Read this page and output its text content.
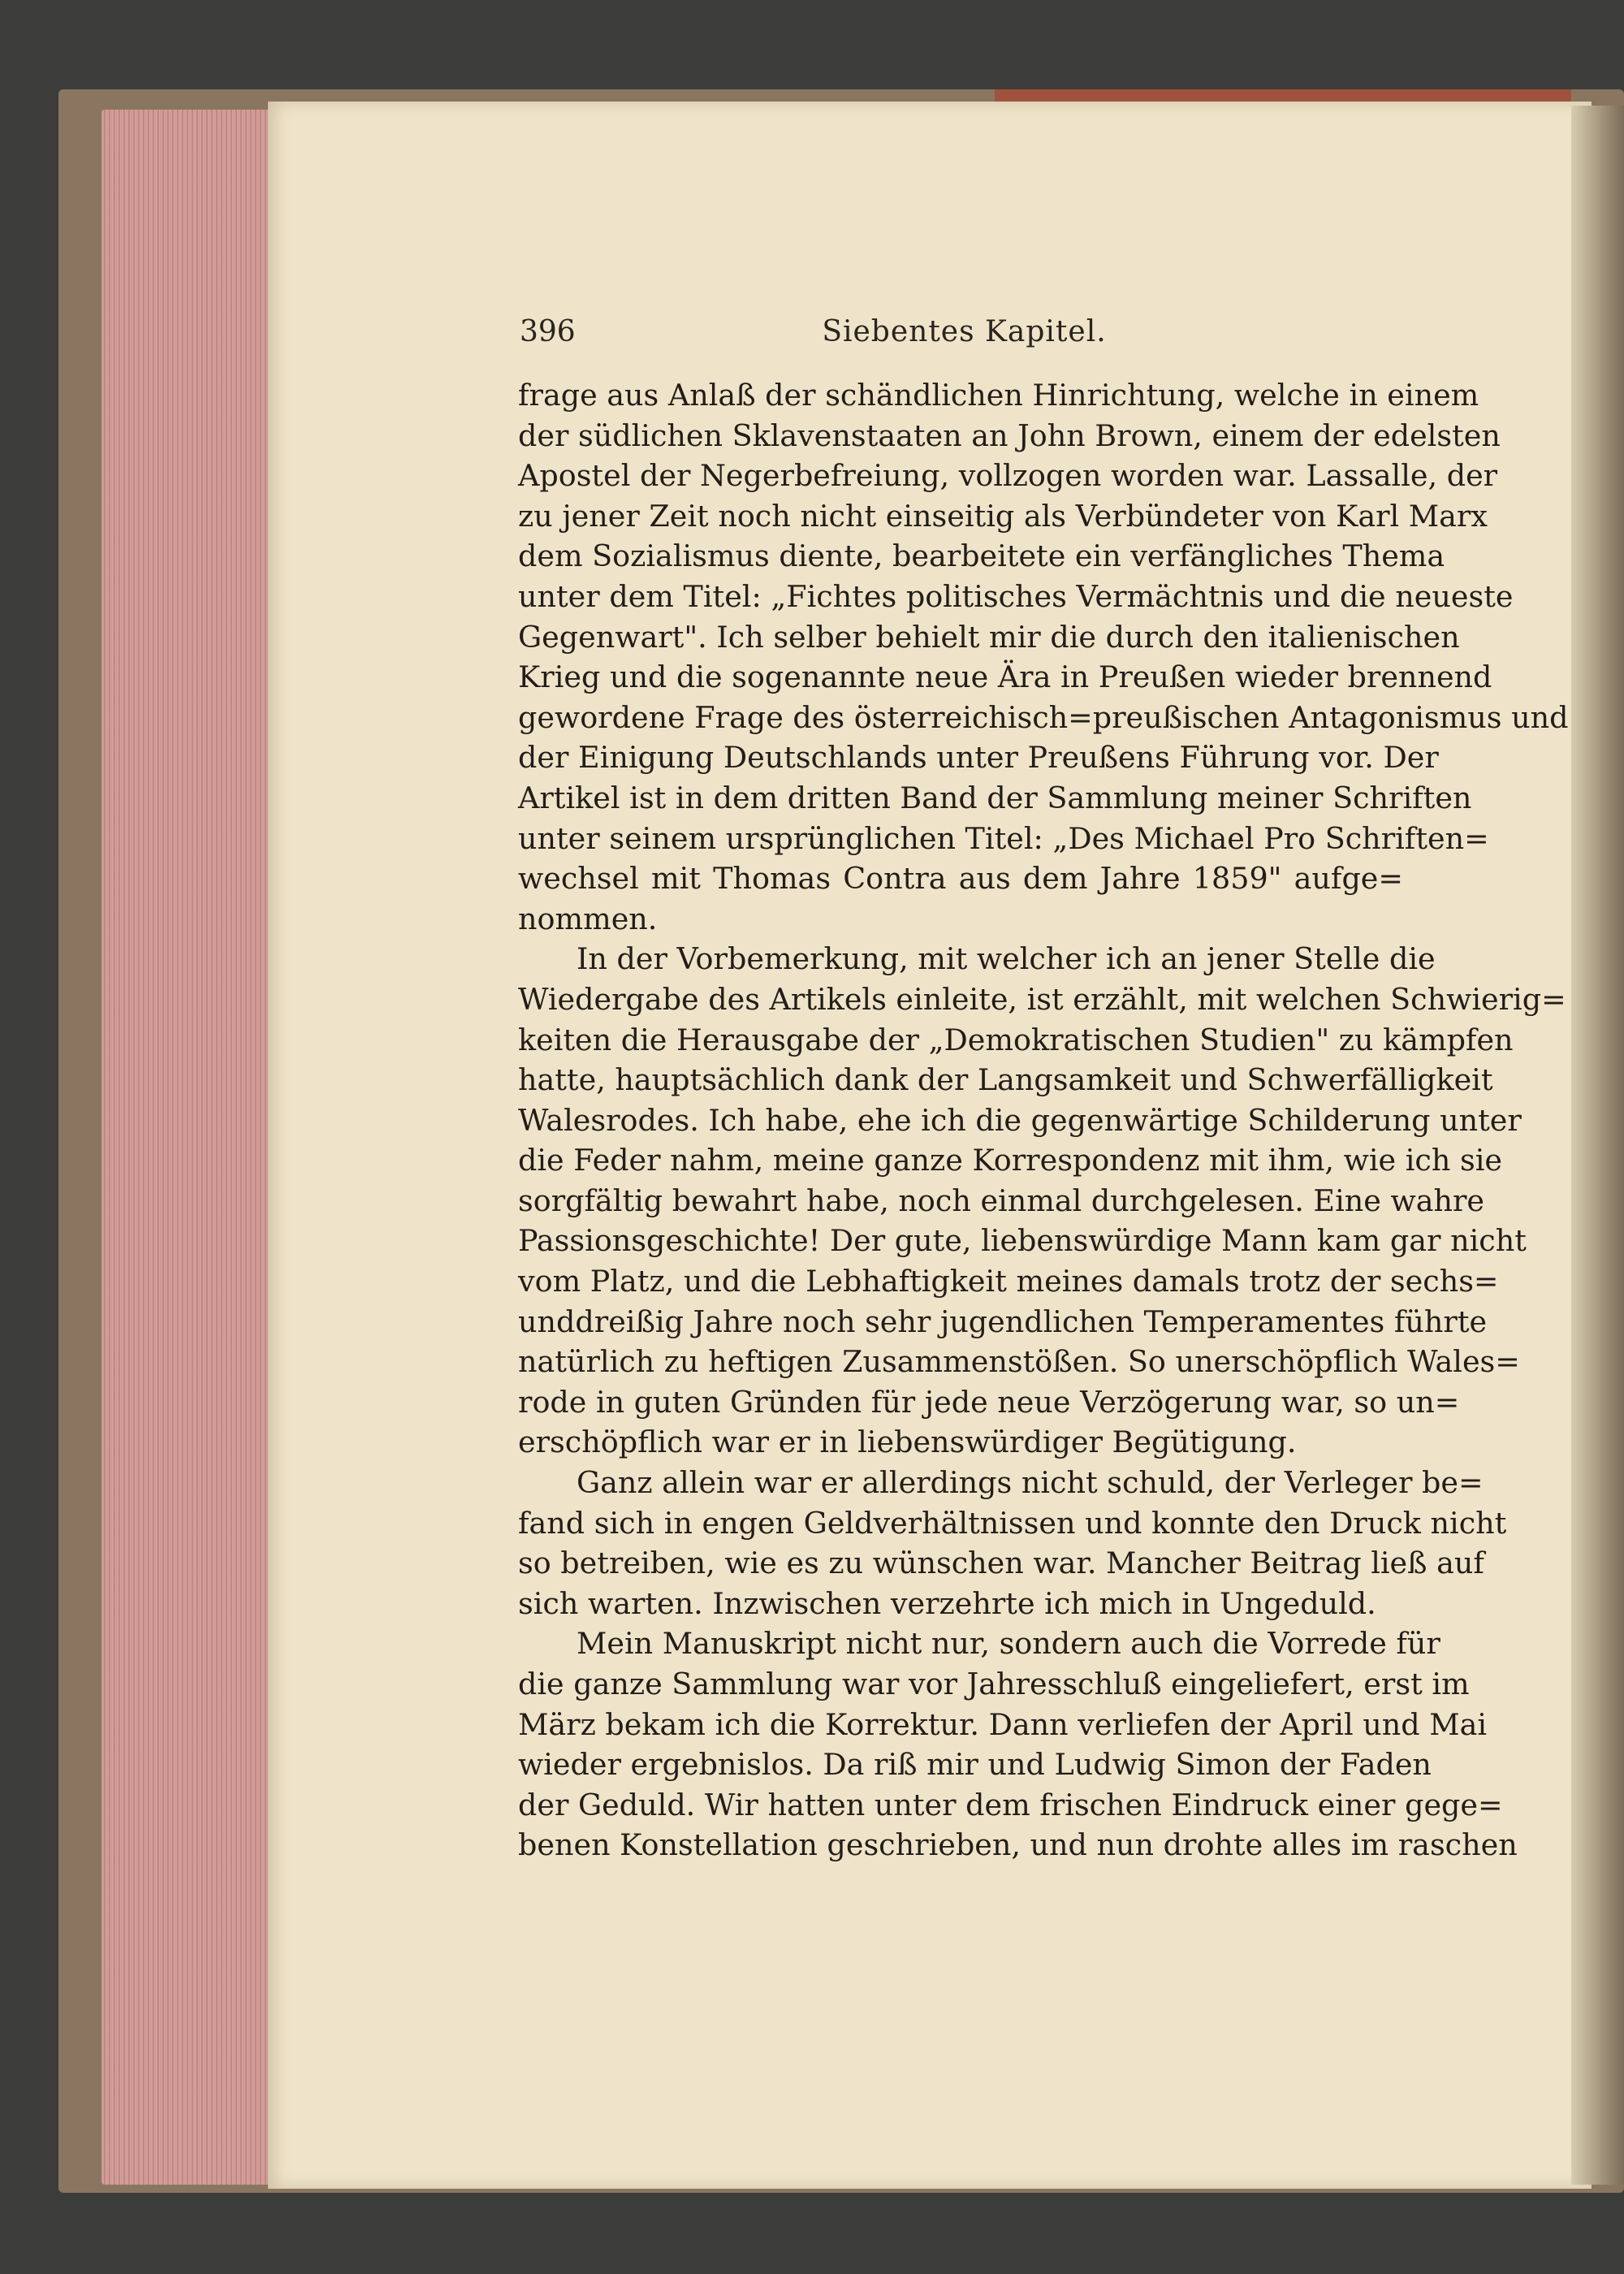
396	Siebentes Kapitel.
frage aus Anlaß der schändlichen Hinrichtung, welche in einem
der südlichen Sklavenstaaten an John Brown, einem der edelsten
Apostel der Negerbefreiung, vollzogen worden war. Lassalle, der
zu jener Zeit noch nicht einseitig als Verbündeter von Karl Marx
dem Sozialismus diente, bearbeitete ein verfängliches Thema
unter dem Titel: „Fichtes politisches Vermächtnis und die neueste
Gegenwart". Ich selber behielt mir die durch den italienischen
Krieg und die sogenannte neue Ära in Preußen wieder brennend
gewordene Frage des österreichisch=preußischen Antagonismus und
der Einigung Deutschlands unter Preußens Führung vor. Der
Artikel ist in dem dritten Band der Sammlung meiner Schriften
unter seinem ursprünglichen Titel: „Des Michael Pro Schriften=
wechsel mit Thomas Contra aus dem Jahre 1859" aufge=
nommen.
In der Vorbemerkung, mit welcher ich an jener Stelle die
Wiedergabe des Artikels einleite, ist erzählt, mit welchen Schwierig=
keiten die Herausgabe der „Demokratischen Studien" zu kämpfen
hatte, hauptsächlich dank der Langsamkeit und Schwerfälligkeit
Walesrodes. Ich habe, ehe ich die gegenwärtige Schilderung unter
die Feder nahm, meine ganze Korrespondenz mit ihm, wie ich sie
sorgfältig bewahrt habe, noch einmal durchgelesen. Eine wahre
Passionsgeschichte! Der gute, liebenswürdige Mann kam gar nicht
vom Platz, und die Lebhaftigkeit meines damals trotz der sechs=
unddreißig Jahre noch sehr jugendlichen Temperamentes führte
natürlich zu heftigen Zusammenstößen. So unerschöpflich Wales=
rode in guten Gründen für jede neue Verzögerung war, so un=
erschöpflich war er in liebenswürdiger Begütigung.
Ganz allein war er allerdings nicht schuld, der Verleger be=
fand sich in engen Geldverhältnissen und konnte den Druck nicht
so betreiben, wie es zu wünschen war. Mancher Beitrag ließ auf
sich warten. Inzwischen verzehrte ich mich in Ungeduld.
Mein Manuskript nicht nur, sondern auch die Vorrede für
die ganze Sammlung war vor Jahresschluß eingeliefert, erst im
März bekam ich die Korrektur. Dann verliefen der April und Mai
wieder ergebnislos. Da riß mir und Ludwig Simon der Faden
der Geduld. Wir hatten unter dem frischen Eindruck einer gege=
benen Konstellation geschrieben, und nun drohte alles im raschen
